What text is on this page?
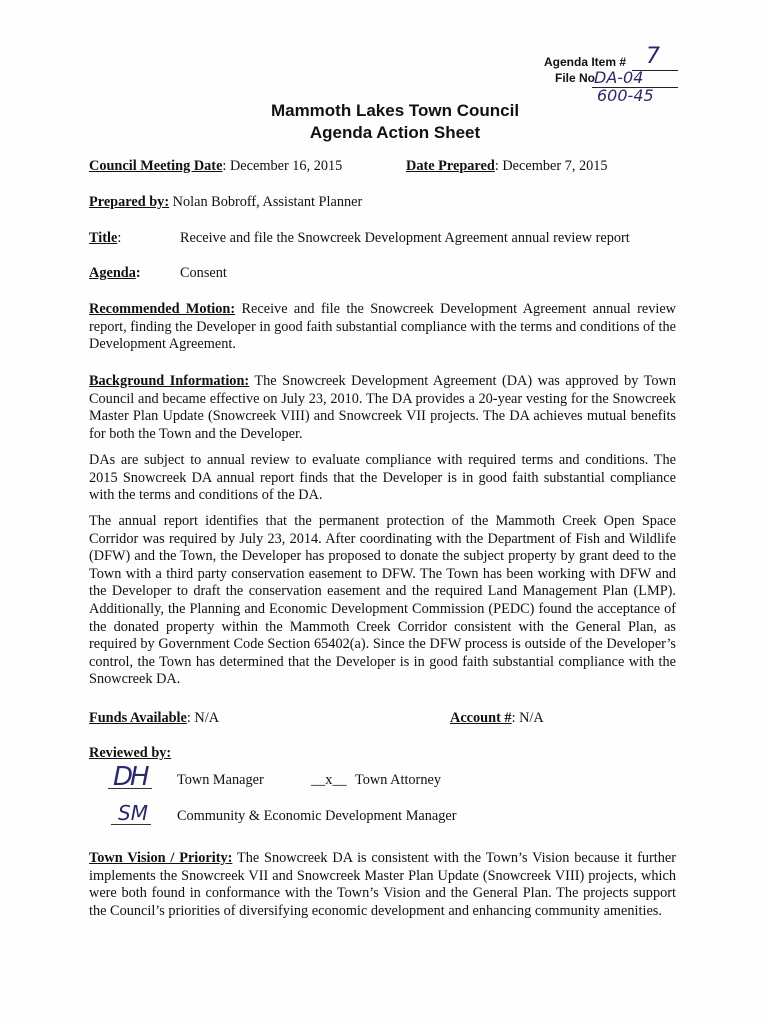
Agenda Item # 7
File No
DA-04
600-45
Mammoth Lakes Town Council
Agenda Action Sheet
Council Meeting Date: December 16, 2015	Date Prepared: December 7, 2015
Prepared by: Nolan Bobroff, Assistant Planner
Title:	Receive and file the Snowcreek Development Agreement annual review report
Agenda:	Consent
Recommended Motion: Receive and file the Snowcreek Development Agreement annual review report, finding the Developer in good faith substantial compliance with the terms and conditions of the Development Agreement.
Background Information: The Snowcreek Development Agreement (DA) was approved by Town Council and became effective on July 23, 2010. The DA provides a 20-year vesting for the Snowcreek Master Plan Update (Snowcreek VIII) and Snowcreek VII projects. The DA achieves mutual benefits for both the Town and the Developer.
DAs are subject to annual review to evaluate compliance with required terms and conditions. The 2015 Snowcreek DA annual report finds that the Developer is in good faith substantial compliance with the terms and conditions of the DA.
The annual report identifies that the permanent protection of the Mammoth Creek Open Space Corridor was required by July 23, 2014. After coordinating with the Department of Fish and Wildlife (DFW) and the Town, the Developer has proposed to donate the subject property by grant deed to the Town with a third party conservation easement to DFW. The Town has been working with DFW and the Developer to draft the conservation easement and the required Land Management Plan (LMP). Additionally, the Planning and Economic Development Commission (PEDC) found the acceptance of the donated property within the Mammoth Creek Corridor consistent with the General Plan, as required by Government Code Section 65402(a). Since the DFW process is outside of the Developer’s control, the Town has determined that the Developer is in good faith substantial compliance with the Snowcreek DA.
Funds Available: N/A	Account #: N/A
Reviewed by:
DH Town Manager	__x__ Town Attorney
SM Community & Economic Development Manager
Town Vision / Priority: The Snowcreek DA is consistent with the Town’s Vision because it further implements the Snowcreek VII and Snowcreek Master Plan Update (Snowcreek VIII) projects, which were both found in conformance with the Town’s Vision and the General Plan. The projects support the Council’s priorities of diversifying economic development and enhancing community amenities.
